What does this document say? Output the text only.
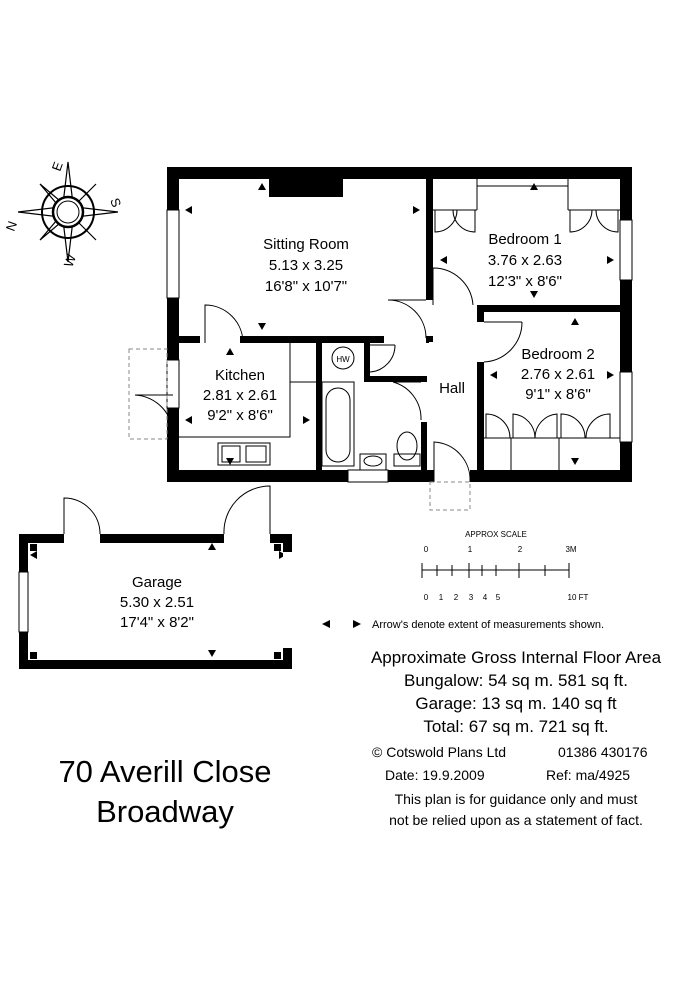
E
S
N
W
HW
Sitting Room
5.13 x 3.25
16'8" x 10'7"
Bedroom 1
3.76 x 2.63
12'3" x 8'6"
Bedroom 2
2.76 x 2.61
9'1" x 8'6"
Kitchen
2.81 x 2.61
9'2" x 8'6"
Hall
Garage
5.30 x 2.51
17'4" x 8'2"
APPROX SCALE
0	1	2	3M
0 1 2 3 4 5	10 FT
Arrow's denote extent of measurements shown.
Approximate Gross Internal Floor Area
Bungalow: 54 sq m. 581 sq ft.
Garage: 13 sq m. 140 sq ft
Total: 67 sq m. 721 sq ft.
© Cotswold Plans Ltd	01386 430176
Date: 19.9.2009	Ref: ma/4925
This plan is for guidance only and must
not be relied upon as a statement of fact.
70 Averill Close
Broadway
